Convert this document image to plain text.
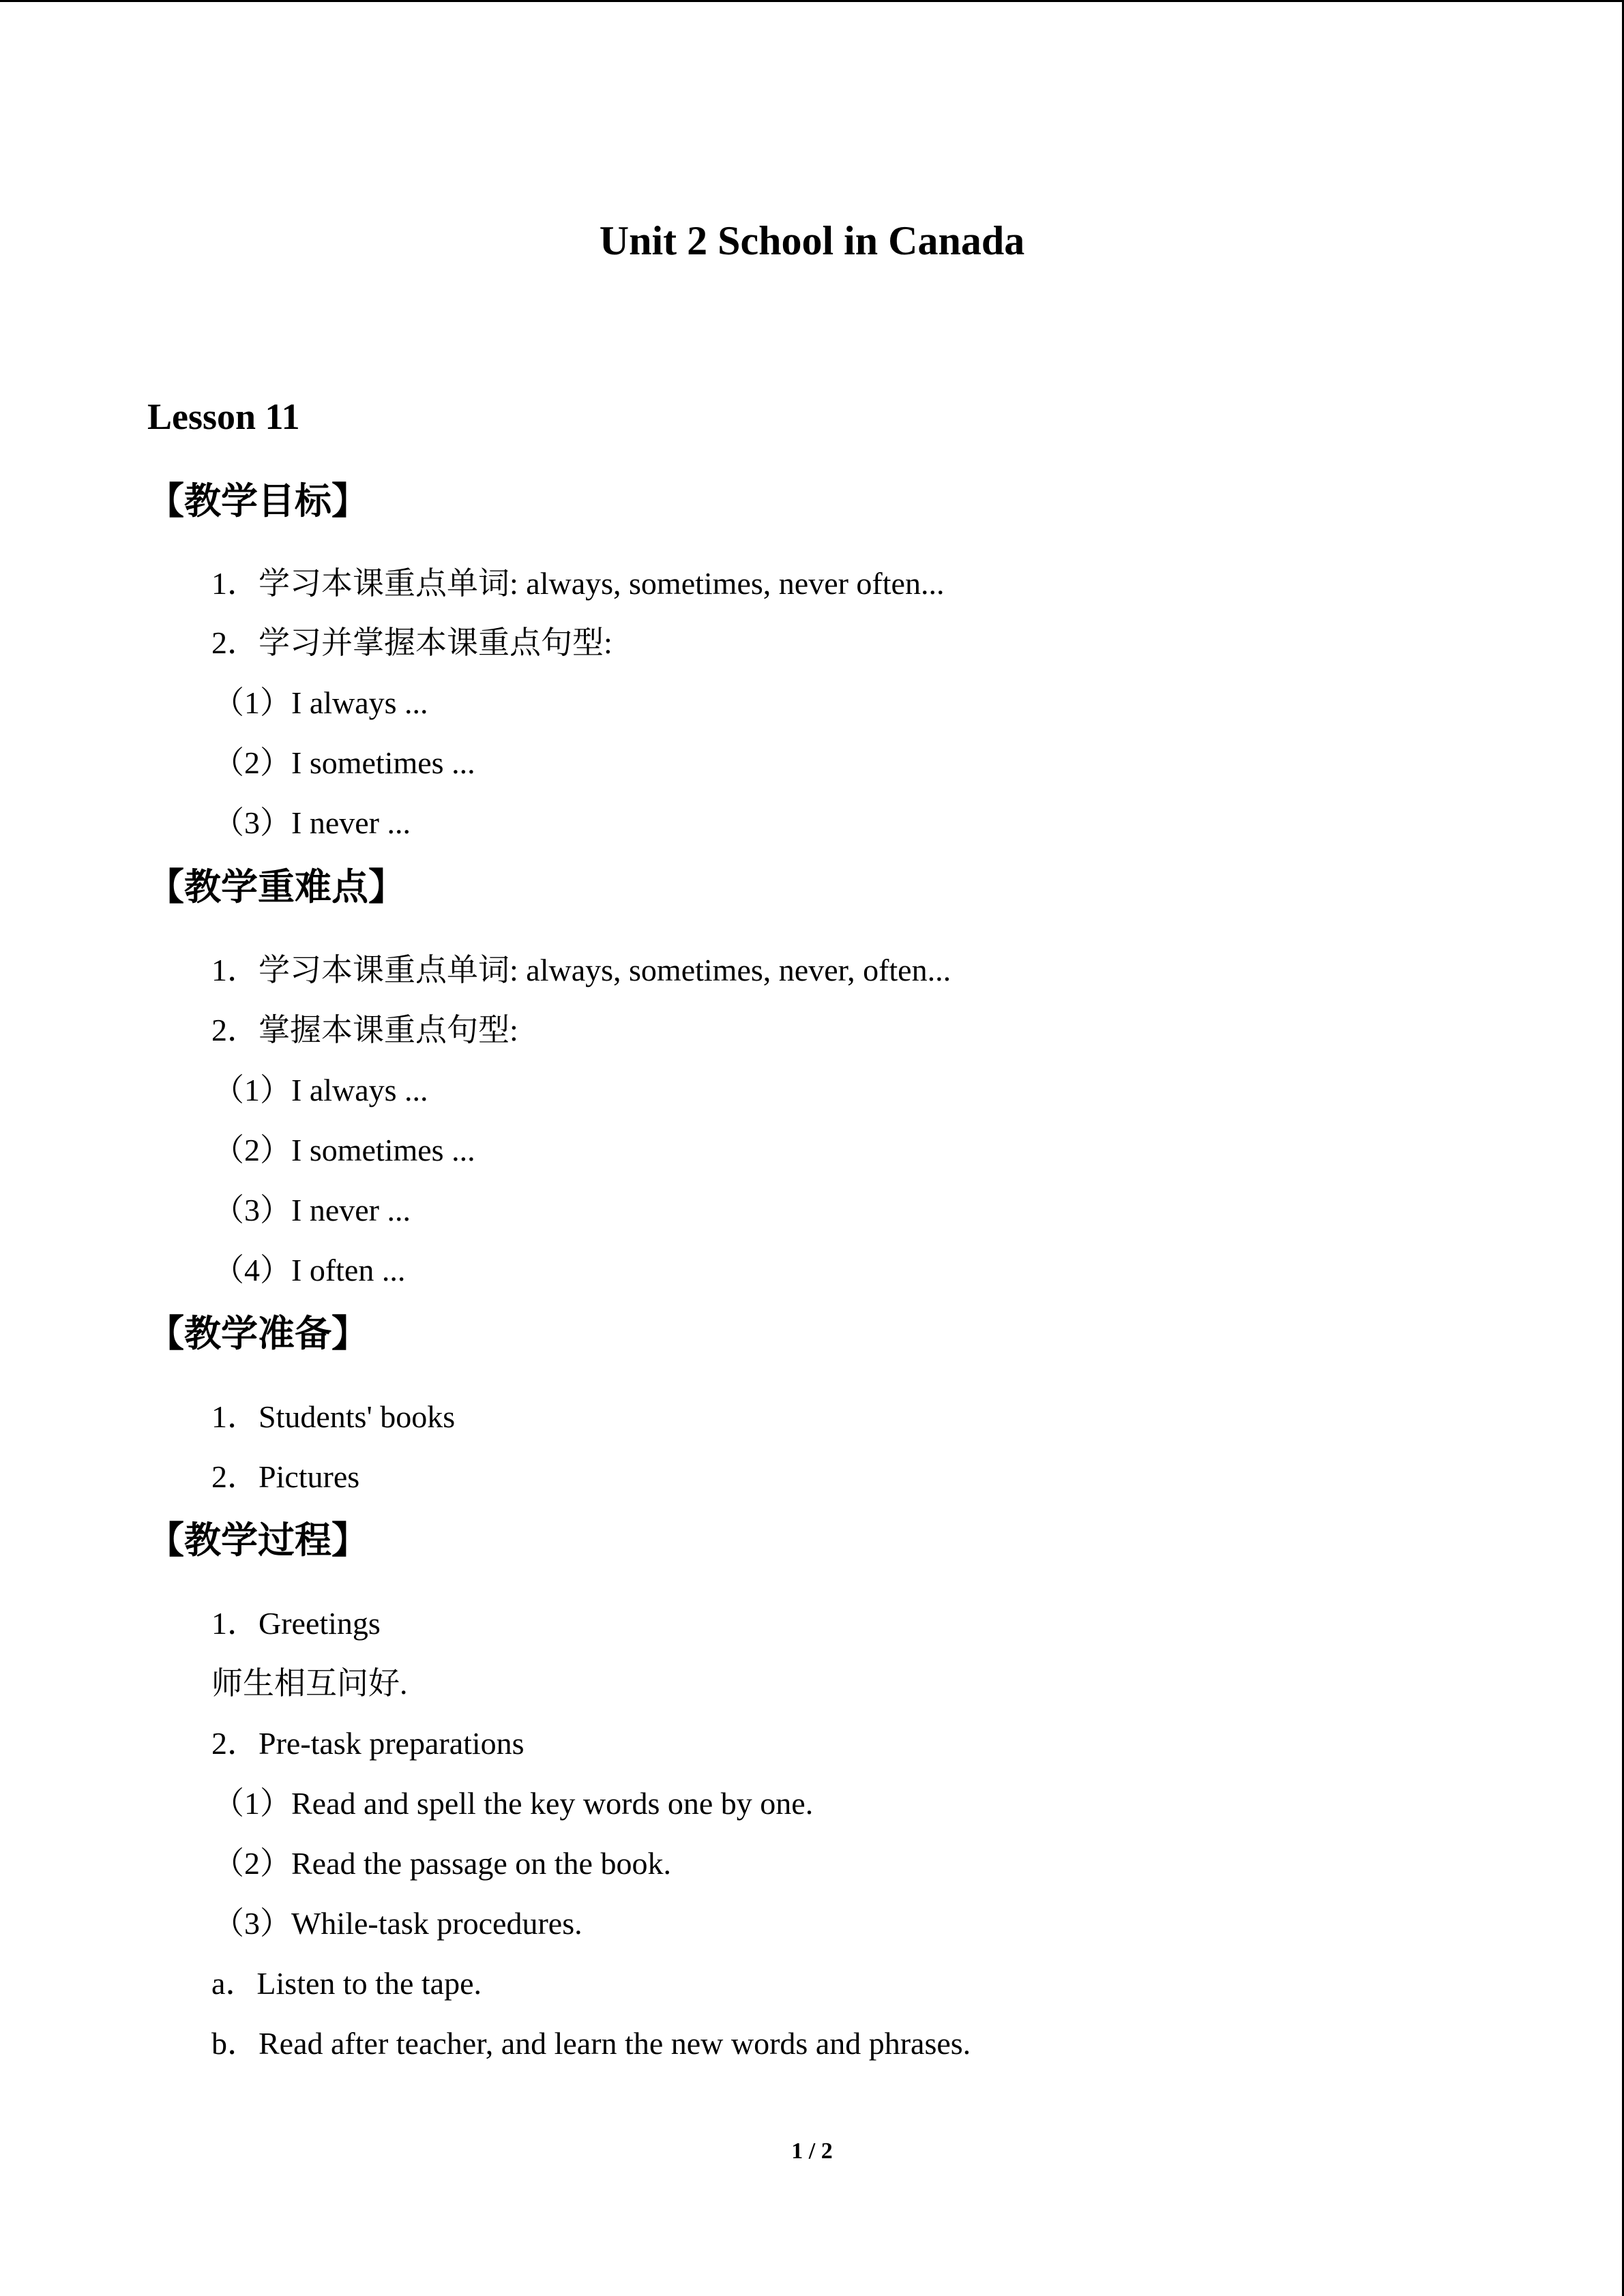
Unit 2 School in Canada
Lesson 11
【教学目标】
1．学习本课重点单词: always, sometimes, never often...
2．学习并掌握本课重点句型:
（1）I always ...
（2）I sometimes ...
（3）I never ...
【教学重难点】
1．学习本课重点单词: always, sometimes, never, often...
2．掌握本课重点句型:
（1）I always ...
（2）I sometimes ...
（3）I never ...
（4）I often ...
【教学准备】
1．Students' books
2．Pictures
【教学过程】
1．Greetings
师生相互问好.
2．Pre-task preparations
（1）Read and spell the key words one by one.
（2）Read the passage on the book.
（3）While-task procedures.
a．Listen to the tape.
b．Read after teacher, and learn the new words and phrases.
1 / 2
